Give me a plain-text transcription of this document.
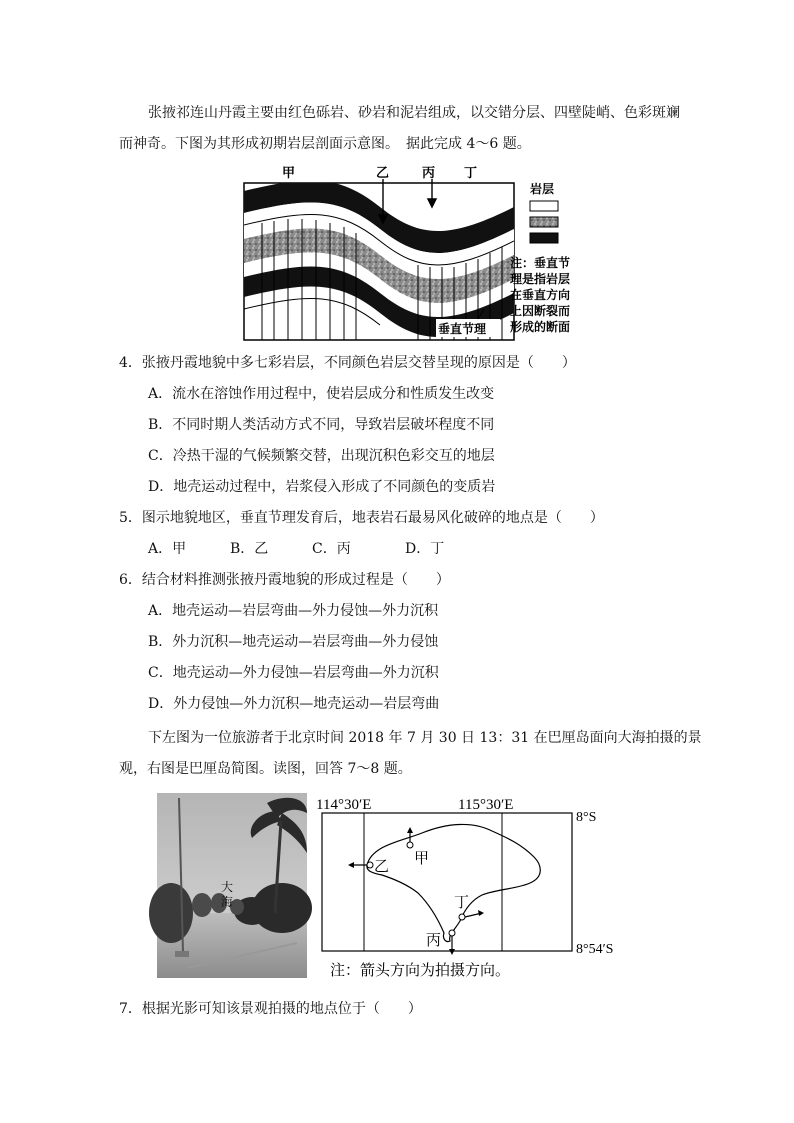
张掖祁连山丹霞主要由红色砾岩、砂岩和泥岩组成，以交错分层、四壁陡峭、色彩斑斓
而神奇。下图为其形成初期岩层剖面示意图。　据此完成 4～6 题。
甲	乙	丙 丁
垂直节理
岩层
注：垂直节
理是指岩层
在垂直方向
上因断裂而
形成的断面
4．张掖丹霞地貌中多七彩岩层，不同颜色岩层交替呈现的原因是（　　）
A．流水在溶蚀作用过程中，使岩层成分和性质发生改变
B．不同时期人类活动方式不同，导致岩层破坏程度不同
C．冷热干湿的气候频繁交替，出现沉积色彩交互的地层
D．地壳运动过程中，岩浆侵入形成了不同颜色的变质岩
5．图示地貌地区，垂直节理发育后，地表岩石最易风化破碎的地点是（　　）
A．甲	B．乙	C．丙	D．丁
6．结合材料推测张掖丹霞地貌的形成过程是（　　）
A．地壳运动—岩层弯曲—外力侵蚀—外力沉积
B．外力沉积—地壳运动—岩层弯曲—外力侵蚀
C．地壳运动—外力侵蚀—岩层弯曲—外力沉积
D．外力侵蚀—外力沉积—地壳运动—岩层弯曲
下左图为一位旅游者于北京时间 2018 年 7 月 30 日 13：31 在巴厘岛面向大海拍摄的景
观，右图是巴厘岛简图。读图，回答 7～8 题。
大
海
114°30′E	115°30′E
8°S
8°54′S
甲
乙
丙
丁
注：箭头方向为拍摄方向。
7．根据光影可知该景观拍摄的地点位于（　　）
